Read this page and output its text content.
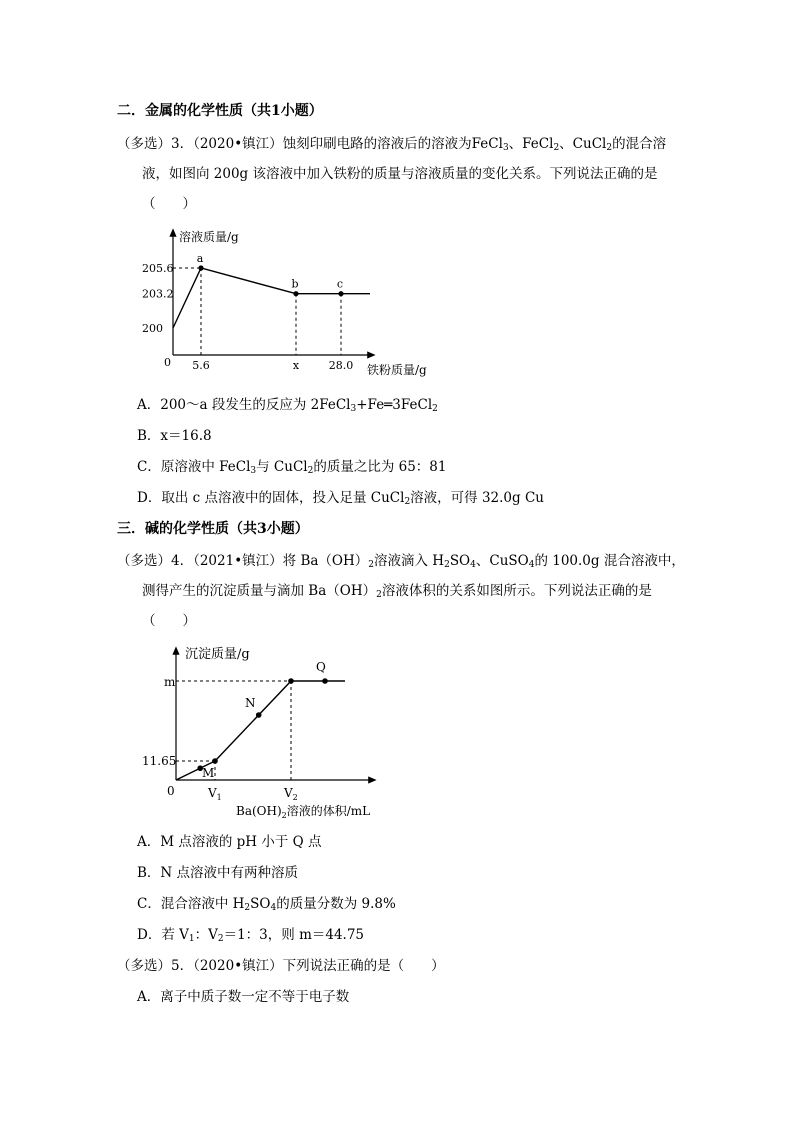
二．金属的化学性质（共1小题）
（多选）3．（2020•镇江）蚀刻印刷电路的溶液后的溶液为FeCl$_3$、FeCl$_2$、CuCl$_2$的混合溶
液，如图向 200g 该溶液中加入铁粉的质量与溶液质量的变化关系。下列说法正确的是
（　　）
溶液质量/g
铁粉质量/g
0
205.6
203.2
200
5.6	x	28.0
a
b	c
A．200～a 段发生的反应为 2FeCl$_3$+Fe═3FeCl$_2$
B．x＝16.8
C．原溶液中 FeCl$_3$与 CuCl$_2$的质量之比为 65：81
D．取出 c 点溶液中的固体，投入足量 CuCl$_2$溶液，可得 32.0g Cu
三．碱的化学性质（共3小题）
（多选）4．（2021•镇江）将 $Ba(OH)_2$溶液滴入 $H_2SO_4$、CuSO$_4$的 100.0g 混合溶液中，
测得产生的沉淀质量与滴加 $Ba(OH)_2$溶液体积的关系如图所示。下列说法正确的是
（　　）
沉淀质量/g
0
$Ba(OH)_2$溶液的体积/mL
m
11.65
$V_1$	$V_2$
M
N
Q
A．M 点溶液的 pH 小于 Q 点
B．N 点溶液中有两种溶质
C．混合溶液中 $H_2SO_4$的质量分数为 9.8%
D．若 $V_1$：$V_2=1$：3，则 m＝44.75
（多选）5．（2020•镇江）下列说法正确的是（　　）
A．离子中质子数一定不等于电子数
